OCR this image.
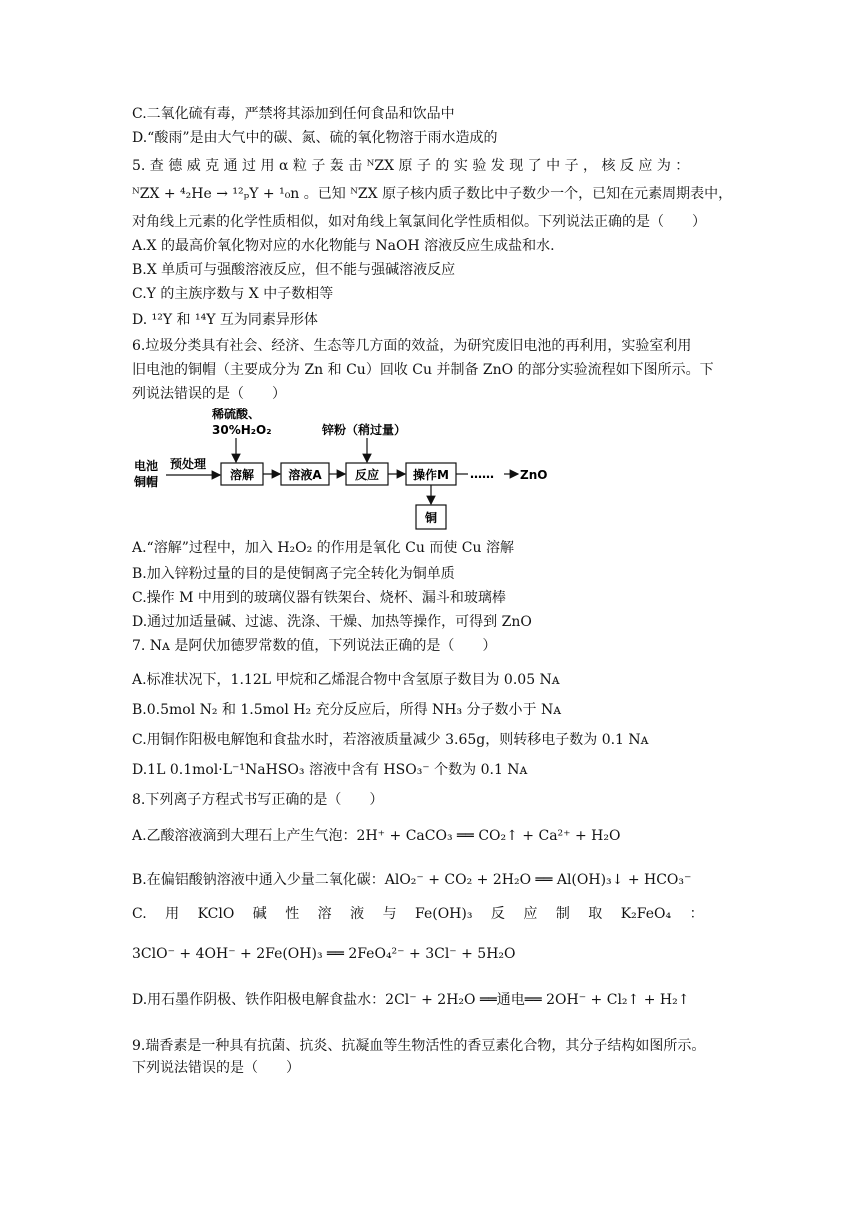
C.二氧化硫有毒，严禁将其添加到任何食品和饮品中
D.“酸雨”是由大气中的碳、氮、硫的氧化物溶于雨水造成的
5. 查 德 威 克 通 过 用 α 粒 子 轰 击 ᴺZX 原 子 的 实 验 发 现 了 中 子 ， 核 反 应 为 ：
ᴺZX + ⁴₂He → ¹²ₚY + ¹₀n 。已知 ᴺZX 原子核内质子数比中子数少一个，已知在元素周期表中，
对角线上元素的化学性质相似，如对角线上氧氯间化学性质相似。下列说法正确的是（　　）
A.X 的最高价氧化物对应的水化物能与 NaOH 溶液反应生成盐和水.
B.X 单质可与强酸溶液反应，但不能与强碱溶液反应
C.Y 的主族序数与 X 中子数相等
D. ¹²Y 和 ¹⁴Y 互为同素异形体
6.垃圾分类具有社会、经济、生态等几方面的效益，为研究废旧电池的再利用，实验室利用
旧电池的铜帽（主要成分为 Zn 和 Cu）回收 Cu 并制备 ZnO 的部分实验流程如下图所示。下
列说法错误的是（　　）
稀硫酸、
30%H₂O₂	锌粉（稍过量）
电池
铜帽
预处理
溶解	溶液A	反应	操作M …… ZnO
铜
A.“溶解”过程中，加入 H₂O₂ 的作用是氧化 Cu 而使 Cu 溶解
B.加入锌粉过量的目的是使铜离子完全转化为铜单质
C.操作 M 中用到的玻璃仪器有铁架台、烧杯、漏斗和玻璃棒
D.通过加适量碱、过滤、洗涤、干燥、加热等操作，可得到 ZnO
7. Nᴀ 是阿伏加德罗常数的值，下列说法正确的是（　　）
A.标准状况下，1.12L 甲烷和乙烯混合物中含氢原子数目为 0.05 Nᴀ
B.0.5mol N₂ 和 1.5mol H₂ 充分反应后，所得 NH₃ 分子数小于 Nᴀ
C.用铜作阳极电解饱和食盐水时，若溶液质量减少 3.65g，则转移电子数为 0.1 Nᴀ
D.1L 0.1mol·L⁻¹NaHSO₃ 溶液中含有 HSO₃⁻ 个数为 0.1 Nᴀ
8.下列离子方程式书写正确的是（　　）
A.乙酸溶液滴到大理石上产生气泡：2H⁺ + CaCO₃ ══ CO₂↑ + Ca²⁺ + H₂O
B.在偏铝酸钠溶液中通入少量二氧化碳：AlO₂⁻ + CO₂ + 2H₂O ══ Al(OH)₃↓ + HCO₃⁻
C.　 用　 KClO　 碱　 性　 溶　 液　 与　 Fe(OH)₃　 反　 应　 制　 取　 K₂FeO₄　 ：
3ClO⁻ + 4OH⁻ + 2Fe(OH)₃ ══ 2FeO₄²⁻ + 3Cl⁻ + 5H₂O
D.用石墨作阴极、铁作阳极电解食盐水：2Cl⁻ + 2H₂O ══通电══ 2OH⁻ + Cl₂↑ + H₂↑
9.瑞香素是一种具有抗菌、抗炎、抗凝血等生物活性的香豆素化合物，其分子结构如图所示。
下列说法错误的是（　　）
